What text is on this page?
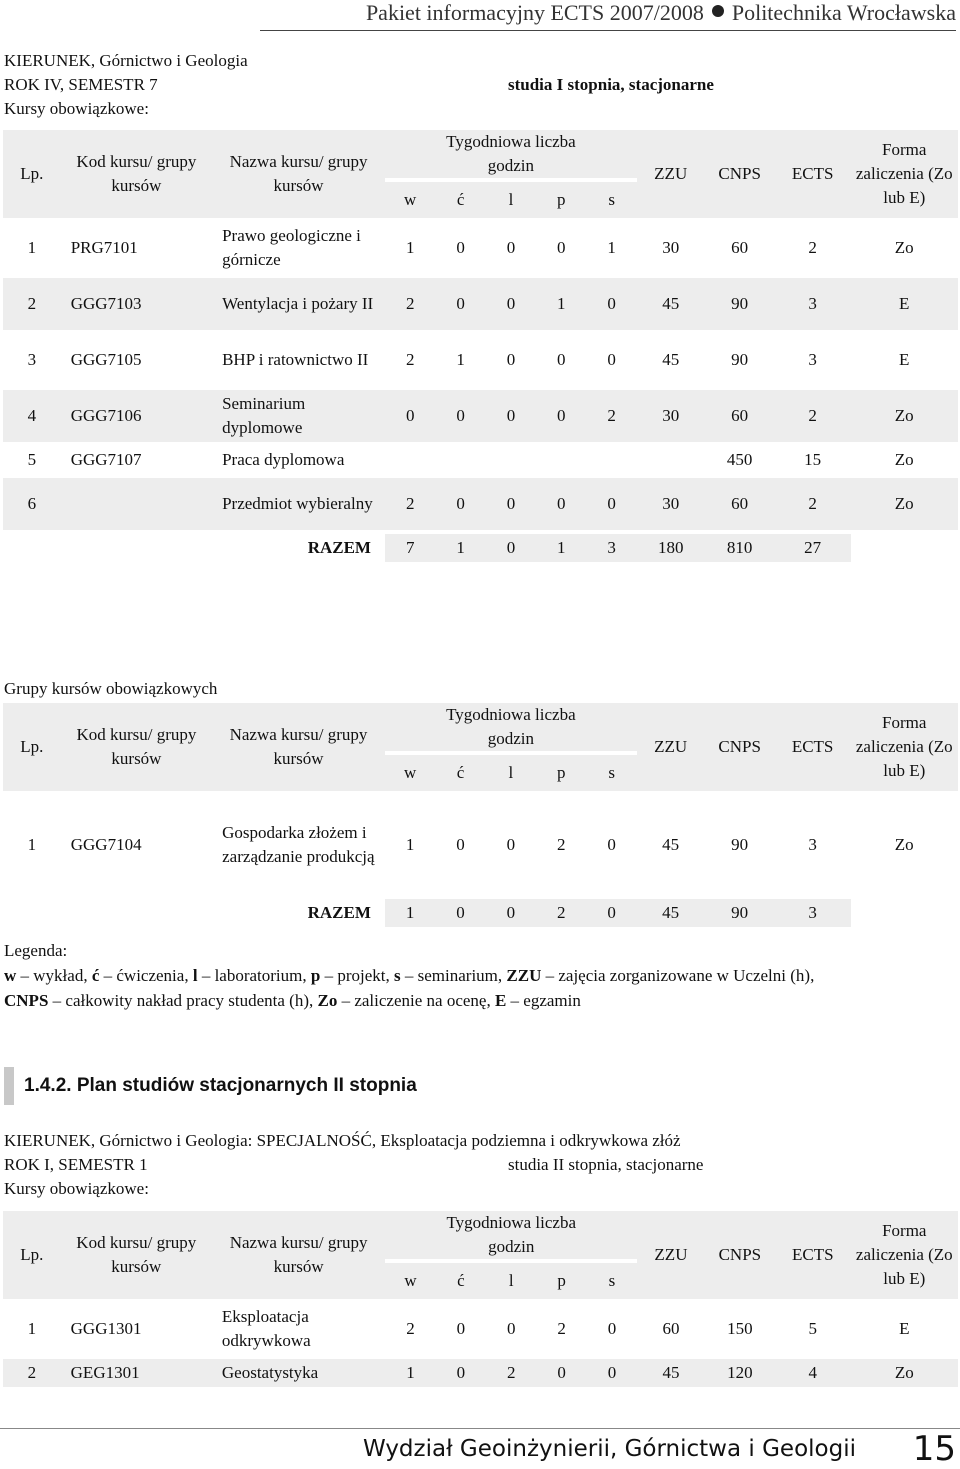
Pakiet informacyjny ECTS 2007/2008 Politechnika Wrocławska
KIERUNEK, Górnictwo i Geologia
ROK IV, SEMESTR 7	studia I stopnia, stacjonarne
Kursy obowiązkowe:
Lp.	Kod kursu/ grupy kursów	Nazwa kursu/ grupy kursów	Tygodniowa liczba godzin					ZZU	CNPS	ECTS	Forma zaliczenia (Zo lub E)
			w	ć	l	p	s				
1	PRG7101	Prawo geologiczne i górnicze	1	0	0	0	1	30	60	2	Zo
2	GGG7103	Wentylacja i pożary II	2	0	0	1	0	45	90	3	E
3	GGG7105	BHP i ratownictwo II	2	1	0	0	0	45	90	3	E
4	GGG7106	Seminarium dyplomowe	0	0	0	0	2	30	60	2	Zo
5	GGG7107	Praca dyplomowa							450	15	Zo
6		Przedmiot wybieralny	2	0	0	0	0	30	60	2	Zo
RAZEM			7	1	0	1	3	180	810	27	
Grupy kursów obowiązkowych
Lp.	Kod kursu/ grupy kursów	Nazwa kursu/ grupy kursów	Tygodniowa liczba godzin					ZZU	CNPS	ECTS	Forma zaliczenia (Zo lub E)
			w	ć	l	p	s				
1	GGG7104	Gospodarka złożem i zarządzanie produkcją	1	0	0	2	0	45	90	3	Zo
RAZEM			1	0	0	2	0	45	90	3	
Legenda:
w – wykład, ć – ćwiczenia, l – laboratorium, p – projekt, s – seminarium, ZZU – zajęcia zorganizowane w Uczelni (h),
CNPS – całkowity nakład pracy studenta (h), Zo – zaliczenie na ocenę, E – egzamin
1.4.2. Plan studiów stacjonarnych II stopnia
KIERUNEK, Górnictwo i Geologia: SPECJALNOŚĆ, Eksploatacja podziemna i odkrywkowa złóż
ROK I, SEMESTR 1	studia II stopnia, stacjonarne
Kursy obowiązkowe:
Lp.	Kod kursu/ grupy kursów	Nazwa kursu/ grupy kursów	Tygodniowa liczba godzin					ZZU	CNPS	ECTS	Forma zaliczenia (Zo lub E)
			w	ć	l	p	s				
1	GGG1301	Eksploatacja odkrywkowa	2	0	0	2	0	60	150	5	E
2	GEG1301	Geostatystyka	1	0	2	0	0	45	120	4	Zo
Wydział Geoinżynierii, Górnictwa i Geologii 15
